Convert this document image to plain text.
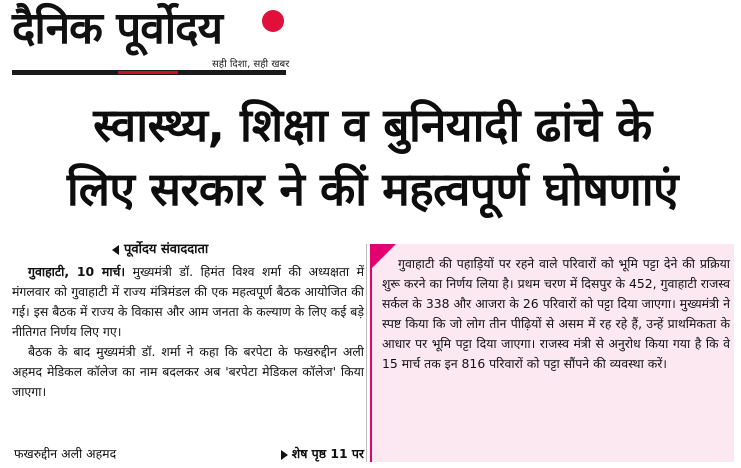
दैनिक पूर्वोदय
सही दिशा, सही खबर
स्वास्थ्य, शिक्षा व बुनियादी ढांचे के
लिए सरकार ने कीं महत्वपूर्ण घोषणाएं
पूर्वोदय संवाददाता

गुवाहाटी, 10 मार्च। मुख्यमंत्री डॉ. हिमंत विश्व शर्मा की अध्यक्षता में मंगलवार को गुवाहाटी में राज्य मंत्रिमंडल की एक महत्वपूर्ण बैठक आयोजित की गई। इस बैठक में राज्य के विकास और आम जनता के कल्याण के लिए कई बड़े नीतिगत निर्णय लिए गए।

बैठक के बाद मुख्यमंत्री डॉ. शर्मा ने कहा कि बरपेटा के फखरुद्दीन अली अहमद मेडिकल कॉलेज का नाम बदलकर अब 'बरपेटा मेडिकल कॉलेज' किया जाएगा।

फखरुद्दीन अली अहमद	शेष पृष्ठ 11 पर

गुवाहाटी की पहाड़ियों पर रहने वाले परिवारों को भूमि पट्टा देने की प्रक्रिया शुरू करने का निर्णय लिया है। प्रथम चरण में दिसपुर के 452, गुवाहाटी राजस्व सर्कल के 338 और आजरा के 26 परिवारों को पट्टा दिया जाएगा। मुख्यमंत्री ने स्पष्ट किया कि जो लोग तीन पीढ़ियों से असम में रह रहे हैं, उन्हें प्राथमिकता के आधार पर भूमि पट्टा दिया जाएगा। राजस्व मंत्री से अनुरोध किया गया है कि वे 15 मार्च तक इन 816 परिवारों को पट्टा सौंपने की व्यवस्था करें।
